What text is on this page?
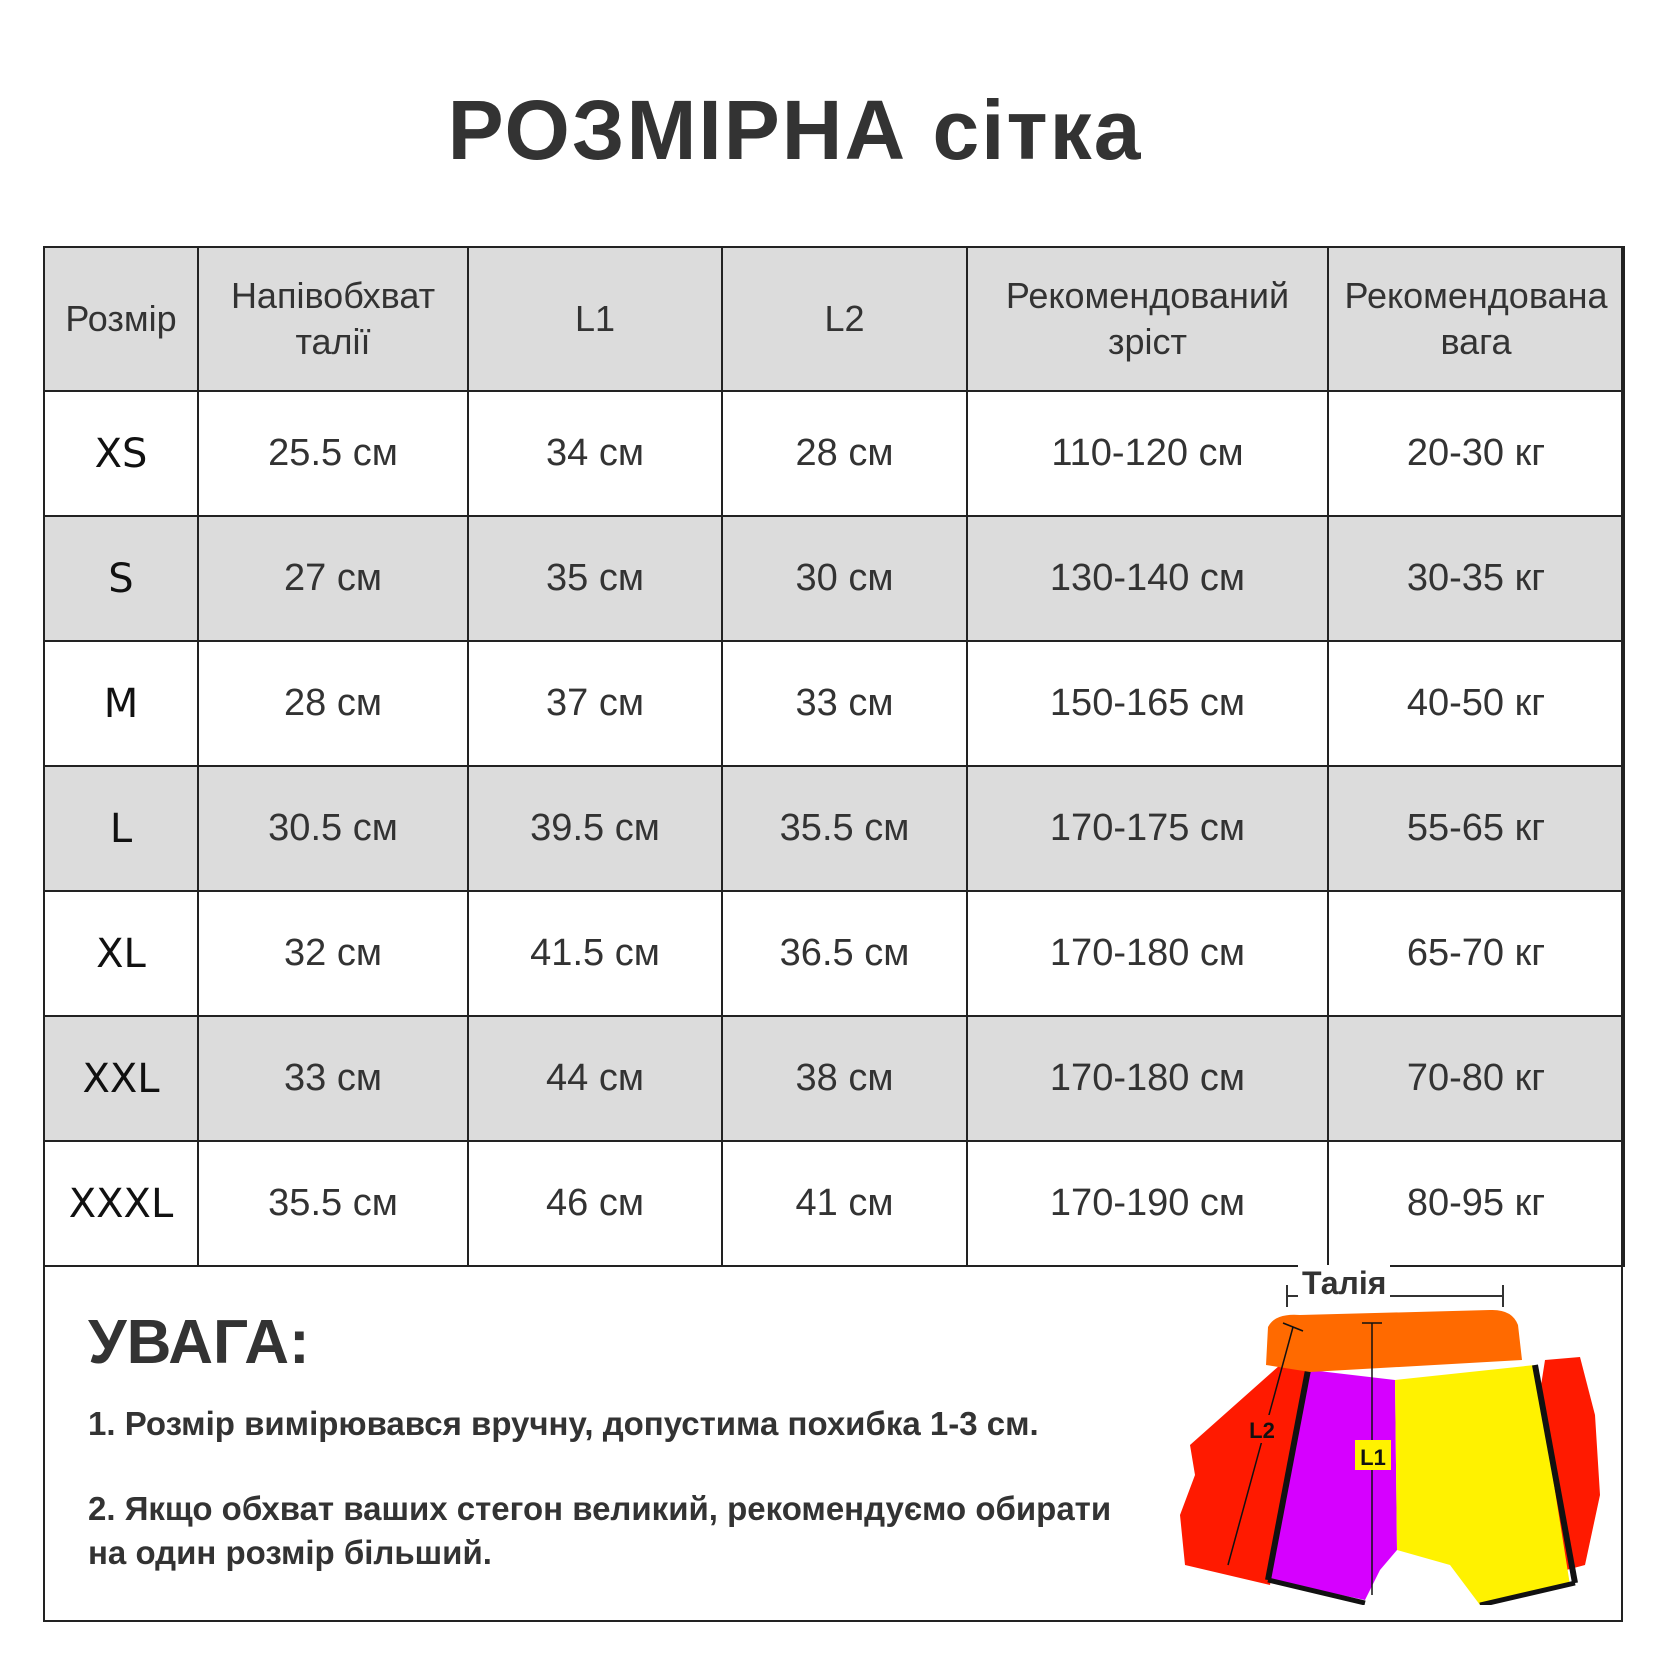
РОЗМІРНА сітка
Розмір	Напівобхват талії	L1	L2	Рекомендований зріст	Рекомендована вага
XS	25.5 см	34 см	28 см	110-120 см	20-30 кг
S	27 см	35 см	30 см	130-140 см	30-35 кг
M	28 см	37 см	33 см	150-165 см	40-50 кг
L	30.5 см	39.5 см	35.5 см	170-175 см	55-65 кг
XL	32 см	41.5 см	36.5 см	170-180 см	65-70 кг
XXL	33 см	44 см	38 см	170-180 см	70-80 кг
XXXL	35.5 см	46 см	41 см	170-190 см	80-95 кг
УВАГА:
1. Розмір вимірювався вручну, допустима похибка 1-3 см.
2. Якщо обхват ваших стегон великий, рекомендуємо обирати на один розмір більший.
L1
L2
Талія
